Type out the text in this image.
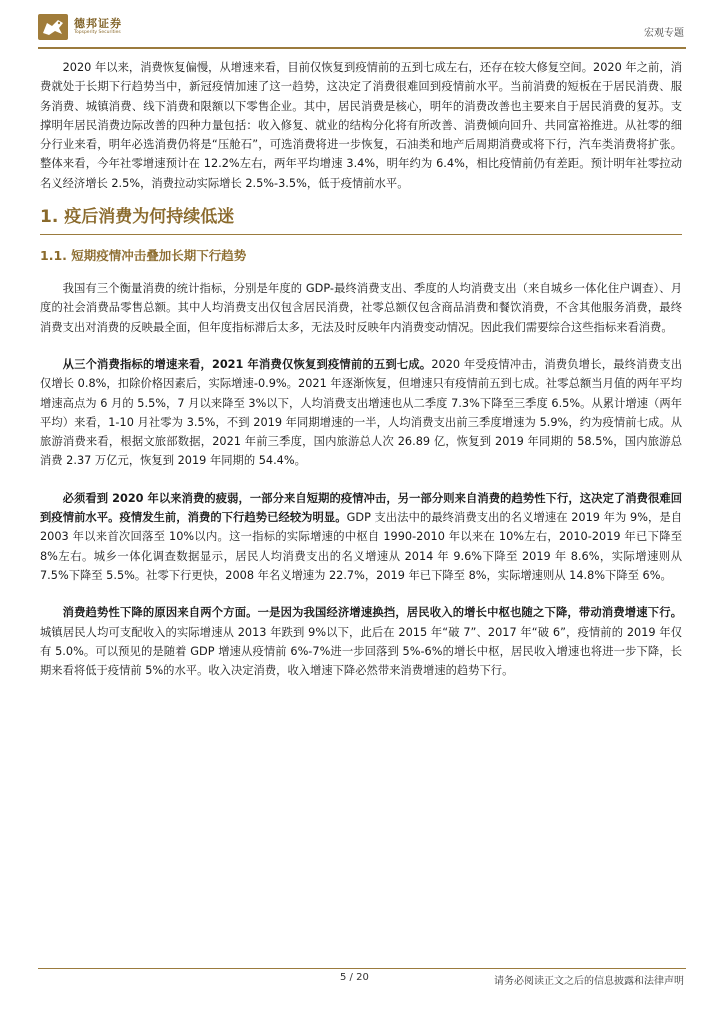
德邦证券
Topsperity Securities	宏观专题

2020 年以来，消费恢复偏慢，从增速来看，目前仅恢复到疫情前的五到七成左右，还存在较大修复空间。2020 年之前，消费就处于长期下行趋势当中，新冠疫情加速了这一趋势，这决定了消费很难回到疫情前水平。当前消费的短板在于居民消费、服务消费、城镇消费、线下消费和限额以下零售企业。其中，居民消费是核心，明年的消费改善也主要来自于居民消费的复苏。支撑明年居民消费边际改善的四种力量包括：收入修复、就业的结构分化将有所改善、消费倾向回升、共同富裕推进。从社零的细分行业来看，明年必选消费仍将是“压舱石”，可选消费将进一步恢复，石油类和地产后周期消费或将下行，汽车类消费将扩张。整体来看，今年社零增速预计在 12.2%左右，两年平均增速 3.4%，明年约为 6.4%，相比疫情前仍有差距。预计明年社零拉动名义经济增长 2.5%，消费拉动实际增长 2.5%-3.5%，低于疫情前水平。

1. 疫后消费为何持续低迷
1.1. 短期疫情冲击叠加长期下行趋势

我国有三个衡量消费的统计指标，分别是年度的 GDP-最终消费支出、季度的人均消费支出（来自城乡一体化住户调查）、月度的社会消费品零售总额。其中人均消费支出仅包含居民消费，社零总额仅包含商品消费和餐饮消费，不含其他服务消费，最终消费支出对消费的反映最全面，但年度指标滞后太多，无法及时反映年内消费变动情况。因此我们需要综合这些指标来看消费。

从三个消费指标的增速来看，2021 年消费仅恢复到疫情前的五到七成。2020 年受疫情冲击，消费负增长，最终消费支出仅增长 0.8%，扣除价格因素后，实际增速-0.9%。2021 年逐渐恢复，但增速只有疫情前五到七成。社零总额当月值的两年平均增速高点为 6 月的 5.5%，7 月以来降至 3%以下，人均消费支出增速也从二季度 7.3%下降至三季度 6.5%。从累计增速（两年平均）来看，1-10 月社零为 3.5%，不到 2019 年同期增速的一半，人均消费支出前三季度增速为 5.9%，约为疫情前七成。从旅游消费来看，根据文旅部数据，2021 年前三季度，国内旅游总人次 26.89 亿，恢复到 2019 年同期的 58.5%，国内旅游总消费 2.37 万亿元，恢复到 2019 年同期的 54.4%。

必须看到 2020 年以来消费的疲弱，一部分来自短期的疫情冲击，另一部分则来自消费的趋势性下行，这决定了消费很难回到疫情前水平。疫情发生前，消费的下行趋势已经较为明显。GDP 支出法中的最终消费支出的名义增速在 2019 年为 9%，是自 2003 年以来首次回落至 10%以内。这一指标的实际增速的中枢自 1990-2010 年以来在 10%左右，2010-2019 年已下降至 8%左右。城乡一体化调查数据显示，居民人均消费支出的名义增速从 2014 年 9.6%下降至 2019 年 8.6%，实际增速则从 7.5%下降至 5.5%。社零下行更快，2008 年名义增速为 22.7%，2019 年已下降至 8%，实际增速则从 14.8%下降至 6%。

消费趋势性下降的原因来自两个方面。一是因为我国经济增速换挡，居民收入的增长中枢也随之下降，带动消费增速下行。城镇居民人均可支配收入的实际增速从 2013 年跌到 9%以下，此后在 2015 年“破 7”、2017 年“破 6”，疫情前的 2019 年仅有 5.0%。可以预见的是随着 GDP 增速从疫情前 6%-7%进一步回落到 5%-6%的增长中枢，居民收入增速也将进一步下降，长期来看将低于疫情前 5%的水平。收入决定消费，收入增速下降必然带来消费增速的趋势下行。

5 / 20	请务必阅读正文之后的信息披露和法律声明
